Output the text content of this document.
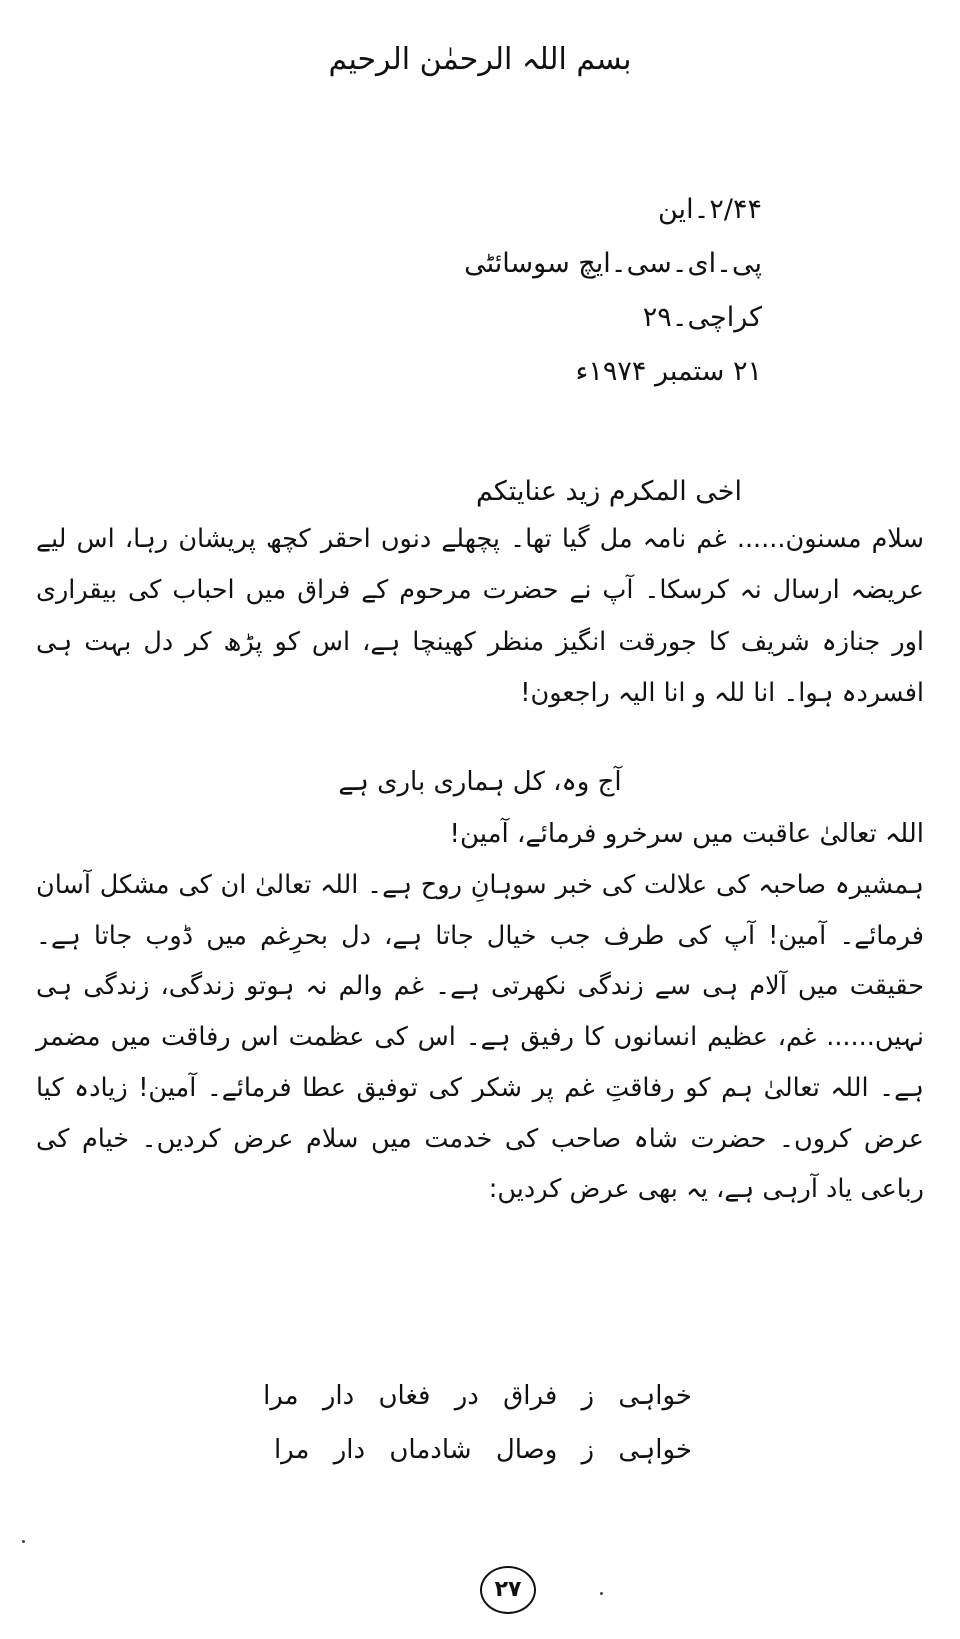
بسم اللہ الرحمٰن الرحیم
۲/۴۴۔این
پی۔ای۔سی۔ایچ سوسائٹی
کراچی۔۲۹
۲۱ ستمبر ۱۹۷۴ء
اخی المکرم زید عنایتکم
سلام مسنون...... غم نامہ مل گیا تھا۔ پچھلے دنوں احقر کچھ پریشان رہا، اس لیے عریضہ ارسال نہ کرسکا۔ آپ نے حضرت مرحوم کے فراق میں احباب کی بیقراری اور جنازہ شریف کا جورقت انگیز منظر کھینچا ہے، اس کو پڑھ کر دل بہت ہی افسردہ ہوا۔ انا للہ و انا الیہ راجعون!
آج وہ، کل ہماری باری ہے
اللہ تعالیٰ عاقبت میں سرخرو فرمائے، آمین!
ہمشیرہ صاحبہ کی علالت کی خبر سوہانِ روح ہے۔ اللہ تعالیٰ ان کی مشکل آسان فرمائے۔ آمین! آپ کی طرف جب خیال جاتا ہے، دل بحرِغم میں ڈوب جاتا ہے۔ حقیقت میں آلام ہی سے زندگی نکھرتی ہے۔ غم والم نہ ہوتو زندگی، زندگی ہی نہیں...... غم، عظیم انسانوں کا رفیق ہے۔ اس کی عظمت اس رفاقت میں مضمر ہے۔ اللہ تعالیٰ ہم کو رفاقتِ غم پر شکر کی توفیق عطا فرمائے۔ آمین! زیادہ کیا عرض کروں۔ حضرت شاہ صاحب کی خدمت میں سلام عرض کردیں۔ خیام کی رباعی یاد آرہی ہے، یہ بھی عرض کردیں:
خواہی ز فراق در فغاں دار مرا
خواہی ز وصال شادماں دار مرا
۲۷
